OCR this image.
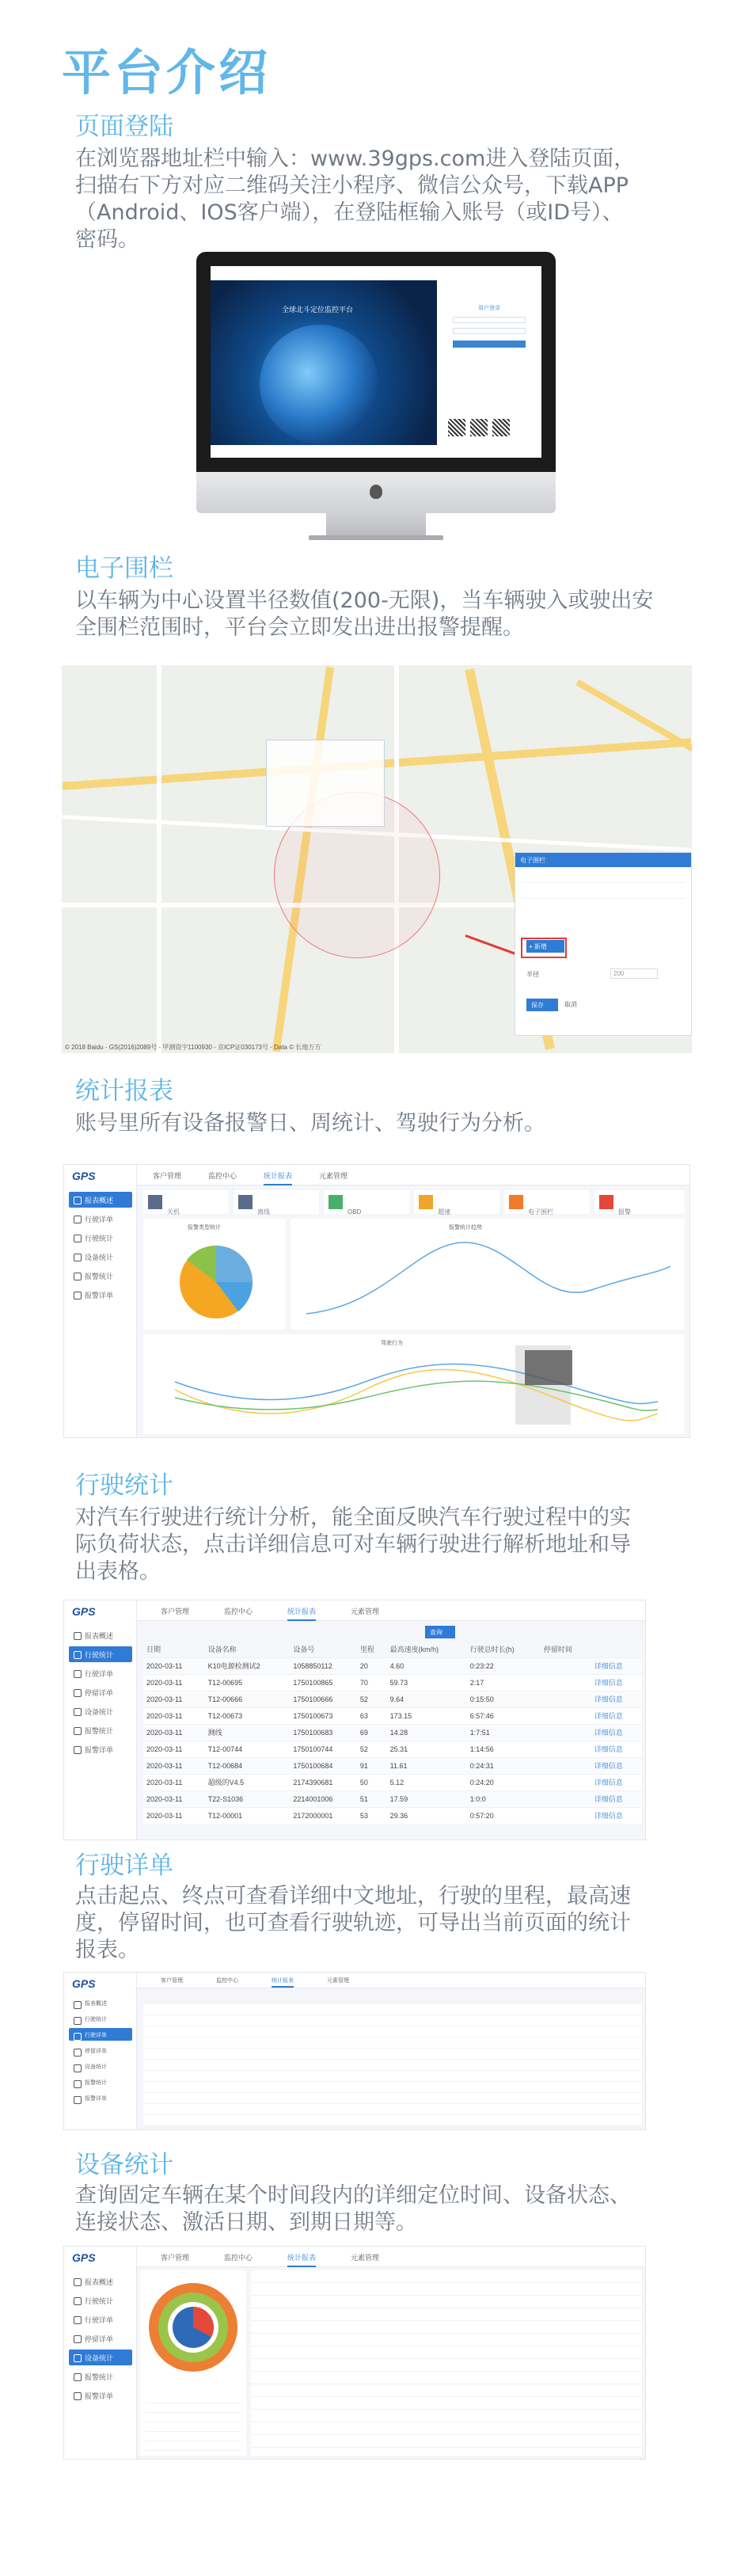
平台介绍
页面登陆

在浏览器地址栏中输入：www.39gps.com进入登陆页面，

扫描右下方对应二维码关注小程序、微信公众号，下载APP

（Android、IOS客户端），在登陆框输入账号（或ID号）、

密码。

全球北斗定位监控平台	用户登录
电子围栏

以车辆为中心设置半径数值(200-无限)，当车辆驶入或驶出安

全围栏范围时，平台会立即发出进出报警提醒。

电子围栏
+ 新增
半径	200
保存	取消
© 2018 Baidu - GS(2016)2089号 - 甲测资字1100930 - 京ICP证030173号 - Data © 长地万方
统计报表

账号里所有设备报警日、周统计、驾驶行为分析。

GPS
报表概述
行驶详单
行驶统计
设备统计
报警统计
报警详单
客户管理	监控中心	统计报表	元素管理
关机	离线	OBD	超速	电子围栏	报警
报警类型统计	报警统计趋势
驾驶行为
行驶统计

对汽车行驶进行统计分析，能全面反映汽车行驶过程中的实

际负荷状态，点击详细信息可对车辆行驶进行解析地址和导

出表格。

GPS
报表概述
行驶统计
行驶详单
停留详单
设备统计
报警统计
报警详单
客户管理	监控中心	统计报表	元素管理
查询
日期	设备名称	设备号	里程	最高速度(km/h)	行驶总时长(h)	停留时间	
2020-03-11	K10电源检测试2	1058850112	20	4.60	0:23:22		详细信息
2020-03-11	T12-00695	1750100865	70	59.73	2:17		详细信息
2020-03-11	T12-00666	1750100666	52	9.64	0:15:50		详细信息
2020-03-11	T12-00673	1750100673	63	173.15	6:57:46		详细信息
2020-03-11	测线	1750100683	69	14.28	1:7:51		详细信息
2020-03-11	T12-00744	1750100744	52	25.31	1:14:56		详细信息
2020-03-11	T12-00684	1750100684	91	11.61	0:24:31		详细信息
2020-03-11	超级的V4.5	2174390681	50	5.12	0:24:20		详细信息
2020-03-11	T22-S1036	2214001006	51	17.59	1:0:0		详细信息
2020-03-11	T12-00001	2172000001	53	29.36	0:57:20		详细信息
行驶详单

点击起点、终点可查看详细中文地址，行驶的里程，最高速

度，停留时间，也可查看行驶轨迹，可导出当前页面的统计

报表。

GPS
报表概述
行驶统计
行驶详单
停留详单
设备统计
报警统计
报警详单
客户管理	监控中心	统计报表	元素管理
设备统计

查询固定车辆在某个时间段内的详细定位时间、设备状态、

连接状态、激活日期、到期日期等。

GPS
报表概述
行驶统计
行驶详单
停留详单
设备统计
报警统计
报警详单
客户管理	监控中心	统计报表	元素管理
